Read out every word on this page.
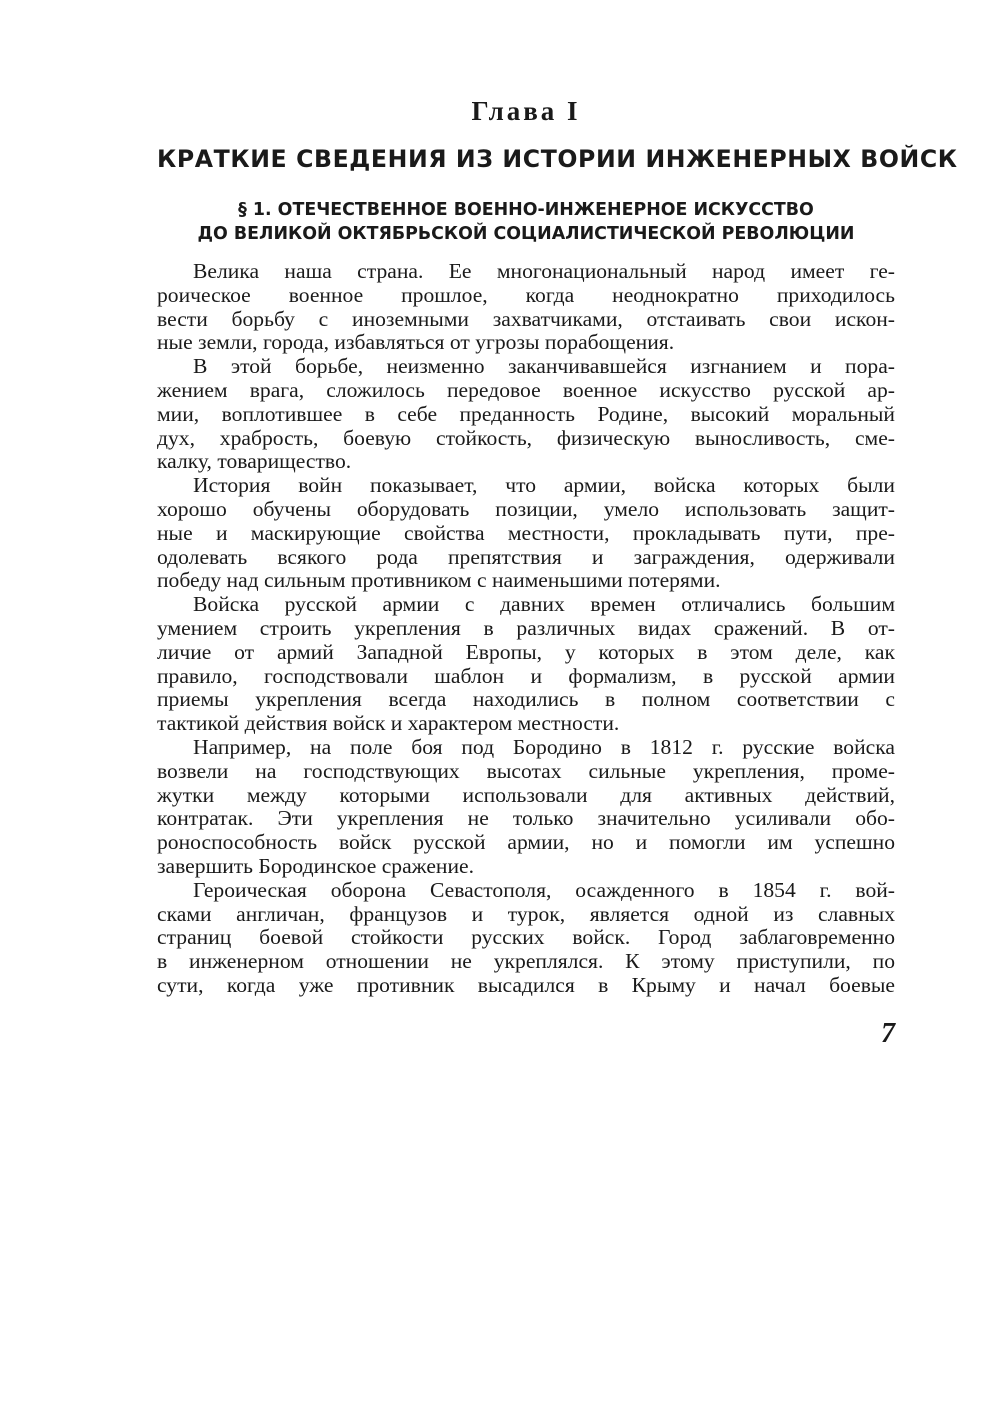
Глава I
КРАТКИЕ СВЕДЕНИЯ ИЗ ИСТОРИИ ИНЖЕНЕРНЫХ ВОЙСК
§ 1. ОТЕЧЕСТВЕННОЕ ВОЕННО-ИНЖЕНЕРНОЕ ИСКУССТВО
ДО ВЕЛИКОЙ ОКТЯБРЬСКОЙ СОЦИАЛИСТИЧЕСКОЙ РЕВОЛЮЦИИ

Велика наша страна. Ее многонациональный народ имеет ге-
роическое военное прошлое, когда неоднократно приходилось
вести борьбу с иноземными захватчиками, отстаивать свои искон-
ные земли, города, избавляться от угрозы порабощения.

В этой борьбе, неизменно заканчивавшейся изгнанием и пора-
жением врага, сложилось передовое военное искусство русской ар-
мии, воплотившее в себе преданность Родине, высокий моральный
дух, храбрость, боевую стойкость, физическую выносливость, сме-
калку, товарищество.

История войн показывает, что армии, войска которых были
хорошо обучены оборудовать позиции, умело использовать защит-
ные и маскирующие свойства местности, прокладывать пути, пре-
одолевать всякого рода препятствия и заграждения, одерживали
победу над сильным противником с наименьшими потерями.

Войска русской армии с давних времен отличались большим
умением строить укрепления в различных видах сражений. В от-
личие от армий Западной Европы, у которых в этом деле, как
правило, господствовали шаблон и формализм, в русской армии
приемы укрепления всегда находились в полном соответствии с
тактикой действия войск и характером местности.

Например, на поле боя под Бородино в 1812 г. русские войска
возвели на господствующих высотах сильные укрепления, проме-
жутки между которыми использовали для активных действий,
контратак. Эти укрепления не только значительно усиливали обо-
роноспособность войск русской армии, но и помогли им успешно
завершить Бородинское сражение.

Героическая оборона Севастополя, осажденного в 1854 г. вой-
сками англичан, французов и турок, является одной из славных
страниц боевой стойкости русских войск. Город заблаговременно
в инженерном отношении не укреплялся. К этому приступили, по
сути, когда уже противник высадился в Крыму и начал боевые

7
